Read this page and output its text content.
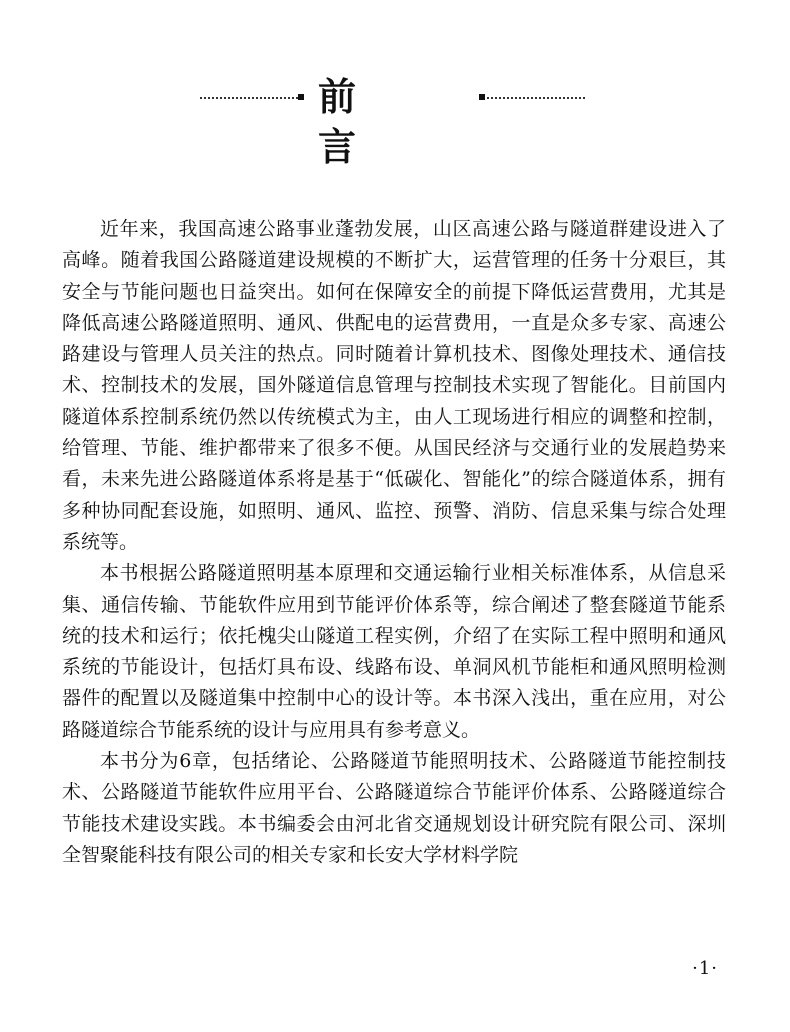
前　　言

近年来，我国高速公路事业蓬勃发展，山区高速公路与隧道群建设进入了高峰。随着我国公路隧道建设规模的不断扩大，运营管理的任务十分艰巨，其安全与节能问题也日益突出。如何在保障安全的前提下降低运营费用，尤其是降低高速公路隧道照明、通风、供配电的运营费用，一直是众多专家、高速公路建设与管理人员关注的热点。同时随着计算机技术、图像处理技术、通信技术、控制技术的发展，国外隧道信息管理与控制技术实现了智能化。目前国内隧道体系控制系统仍然以传统模式为主，由人工现场进行相应的调整和控制，给管理、节能、维护都带来了很多不便。从国民经济与交通行业的发展趋势来看，未来先进公路隧道体系将是基于“低碳化、智能化”的综合隧道体系，拥有多种协同配套设施，如照明、通风、监控、预警、消防、信息采集与综合处理系统等。

本书根据公路隧道照明基本原理和交通运输行业相关标准体系，从信息采集、通信传输、节能软件应用到节能评价体系等，综合阐述了整套隧道节能系统的技术和运行；依托槐尖山隧道工程实例，介绍了在实际工程中照明和通风系统的节能设计，包括灯具布设、线路布设、单洞风机节能柜和通风照明检测器件的配置以及隧道集中控制中心的设计等。本书深入浅出，重在应用，对公路隧道综合节能系统的设计与应用具有参考意义。

本书分为6章，包括绪论、公路隧道节能照明技术、公路隧道节能控制技术、公路隧道节能软件应用平台、公路隧道综合节能评价体系、公路隧道综合节能技术建设实践。本书编委会由河北省交通规划设计研究院有限公司、深圳全智聚能科技有限公司的相关专家和长安大学材料学院

·1·
